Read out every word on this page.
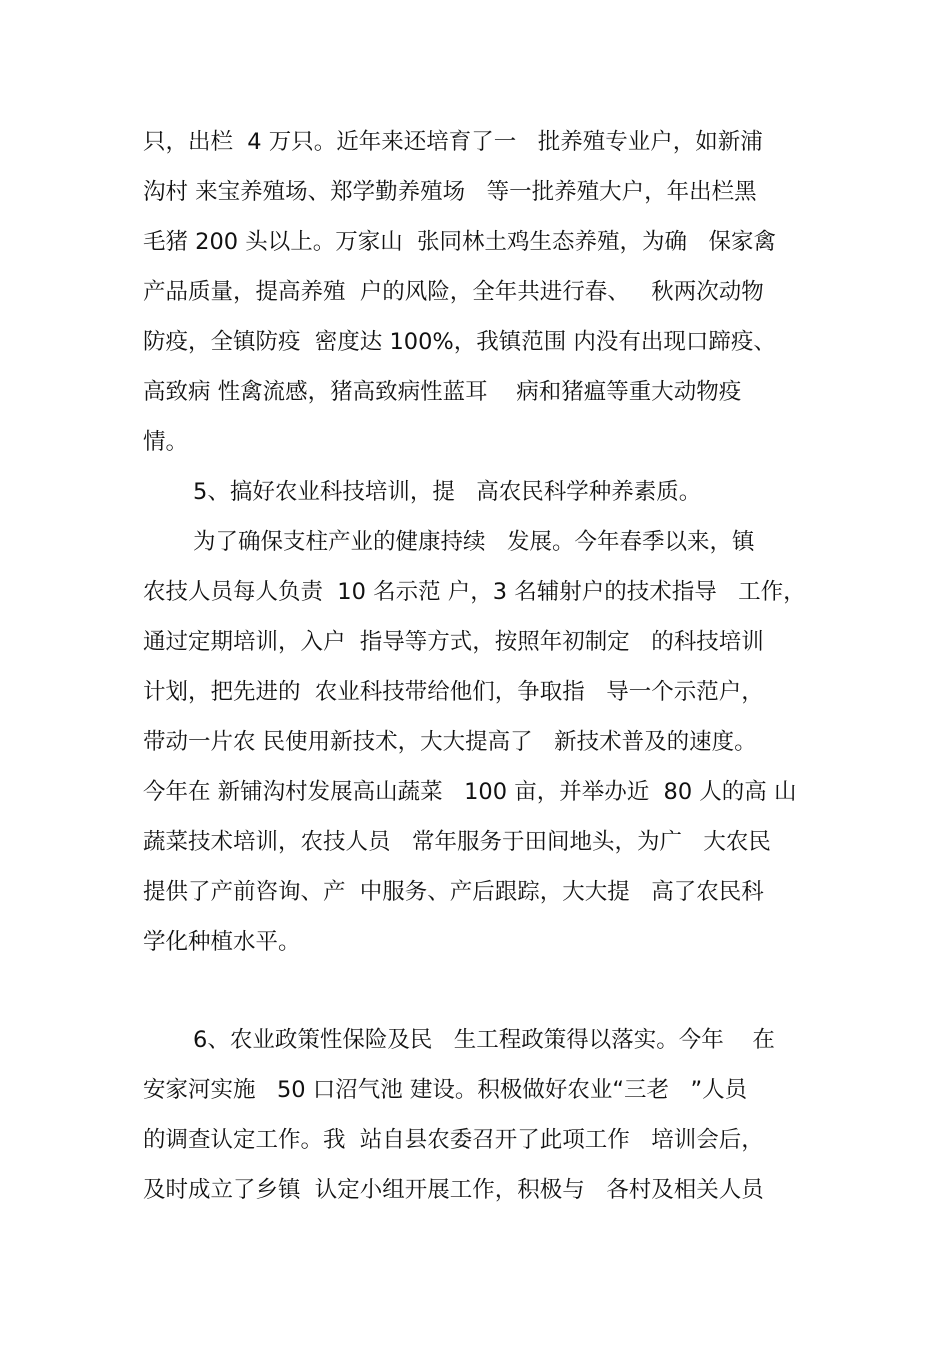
只，出栏  4 万只。近年来还培育了一   批养殖专业户，如新浦
沟村 来宝养殖场、郑学勤养殖场   等一批养殖大户，年出栏黑
毛猪 200 头以上。万家山  张同林土鸡生态养殖，为确   保家禽
产品质量，提高养殖  户的风险，全年共进行春、   秋两次动物
防疫，全镇防疫  密度达 100%，我镇范围 内没有出现口蹄疫、
高致病 性禽流感，猪高致病性蓝耳    病和猪瘟等重大动物疫
情。
5、搞好农业科技培训，提   高农民科学种养素质。
为了确保支柱产业的健康持续   发展。今年春季以来，镇
农技人员每人负责  10 名示范 户，3 名辅射户的技术指导   工作，
通过定期培训，入户  指导等方式，按照年初制定   的科技培训
计划，把先进的  农业科技带给他们，争取指   导一个示范户，
带动一片农 民使用新技术，大大提高了   新技术普及的速度。
今年在 新铺沟村发展高山蔬菜   100 亩，并举办近  80 人的高 山
蔬菜技术培训，农技人员   常年服务于田间地头，为广   大农民
提供了产前咨询、产  中服务、产后跟踪，大大提   高了农民科
学化种植水平。
6、农业政策性保险及民   生工程政策得以落实。今年    在
安家河实施   50 口沼气池 建设。积极做好农业“三老   ”人员
的调查认定工作。我  站自县农委召开了此项工作   培训会后，
及时成立了乡镇  认定小组开展工作，积极与   各村及相关人员
